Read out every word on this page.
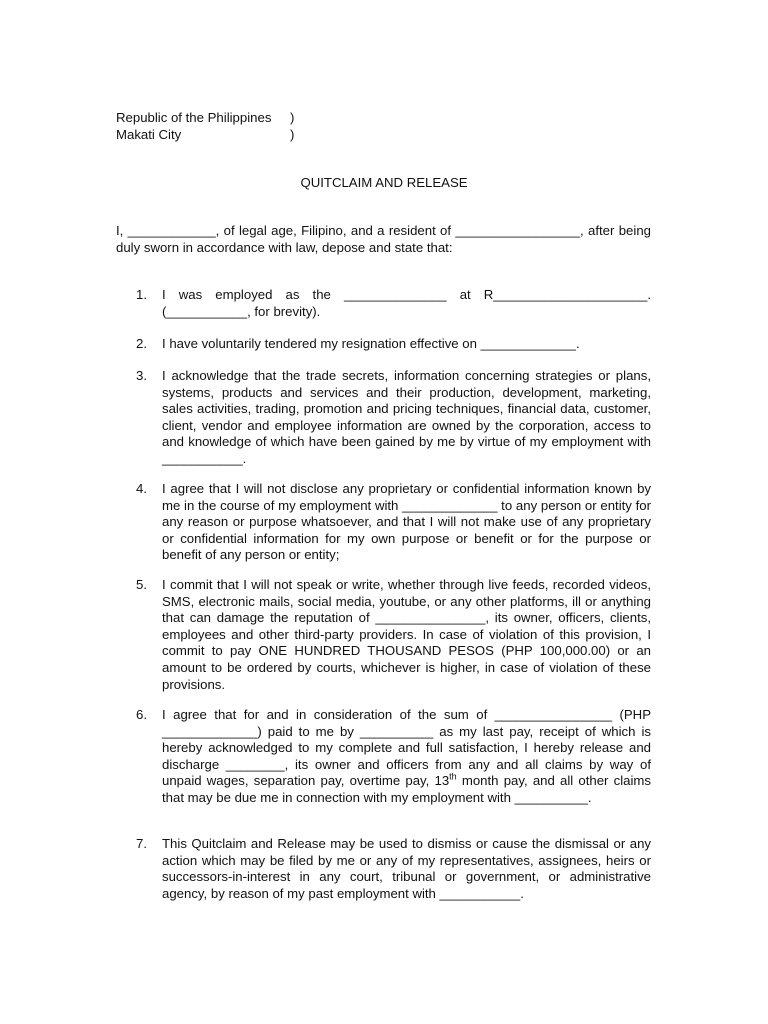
Republic of the Philippines )
Makati City	)
QUITCLAIM AND RELEASE
I, ____________, of legal age, Filipino, and a resident of _________________, after being duly sworn in accordance with law, depose and state that:
1.	I was employed as the ______________ at R_____________________. (___________, for brevity).
2.	I have voluntarily tendered my resignation effective on _____________.
3.	I acknowledge that the trade secrets, information concerning strategies or plans, systems, products and services and their production, development, marketing, sales activities, trading, promotion and pricing techniques, financial data, customer, client, vendor and employee information are owned by the corporation, access to and knowledge of which have been gained by me by virtue of my employment with ___________.
4.	I agree that I will not disclose any proprietary or confidential information known by me in the course of my employment with _____________ to any person or entity for any reason or purpose whatsoever, and that I will not make use of any proprietary or confidential information for my own purpose or benefit or for the purpose or benefit of any person or entity;
5.	I commit that I will not speak or write, whether through live feeds, recorded videos, SMS, electronic mails, social media, youtube, or any other platforms, ill or anything that can damage the reputation of _______________, its owner, officers, clients, employees and other third-party providers. In case of violation of this provision, I commit to pay ONE HUNDRED THOUSAND PESOS (PHP 100,000.00) or an amount to be ordered by courts, whichever is higher, in case of violation of these provisions.
6.	I agree that for and in consideration of the sum of ________________ (PHP _____________) paid to me by __________ as my last pay, receipt of which is hereby acknowledged to my complete and full satisfaction, I hereby release and discharge ________, its owner and officers from any and all claims by way of unpaid wages, separation pay, overtime pay, 13th month pay, and all other claims that may be due me in connection with my employment with __________.
7.	This Quitclaim and Release may be used to dismiss or cause the dismissal or any action which may be filed by me or any of my representatives, assignees, heirs or successors-in-interest in any court, tribunal or government, or administrative agency, by reason of my past employment with ___________.
